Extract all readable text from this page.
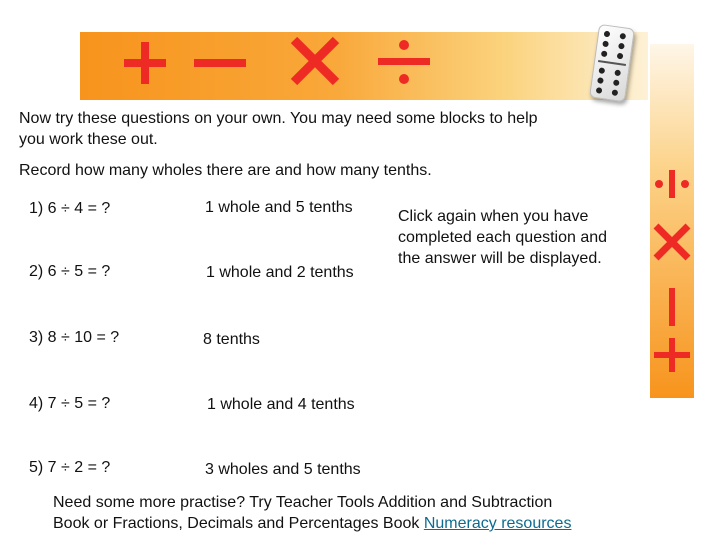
Now try these questions on your own. You may need some blocks to help
you work these out.
Record how many wholes there are and how many tenths.
1) 6 ÷ 4 = ?	1 whole and 5 tenths
2) 6 ÷ 5 = ?	1 whole and 2 tenths
3) 8 ÷ 10 = ?	8 tenths
4) 7 ÷ 5 = ?	1 whole and 4 tenths
5) 7 ÷ 2 = ?	3 wholes and 5 tenths
Click again when you have
completed each question and
the answer will be displayed.
Need some more practise? Try Teacher Tools Addition and Subtraction
Book or Fractions, Decimals and Percentages Book Numeracy resources
